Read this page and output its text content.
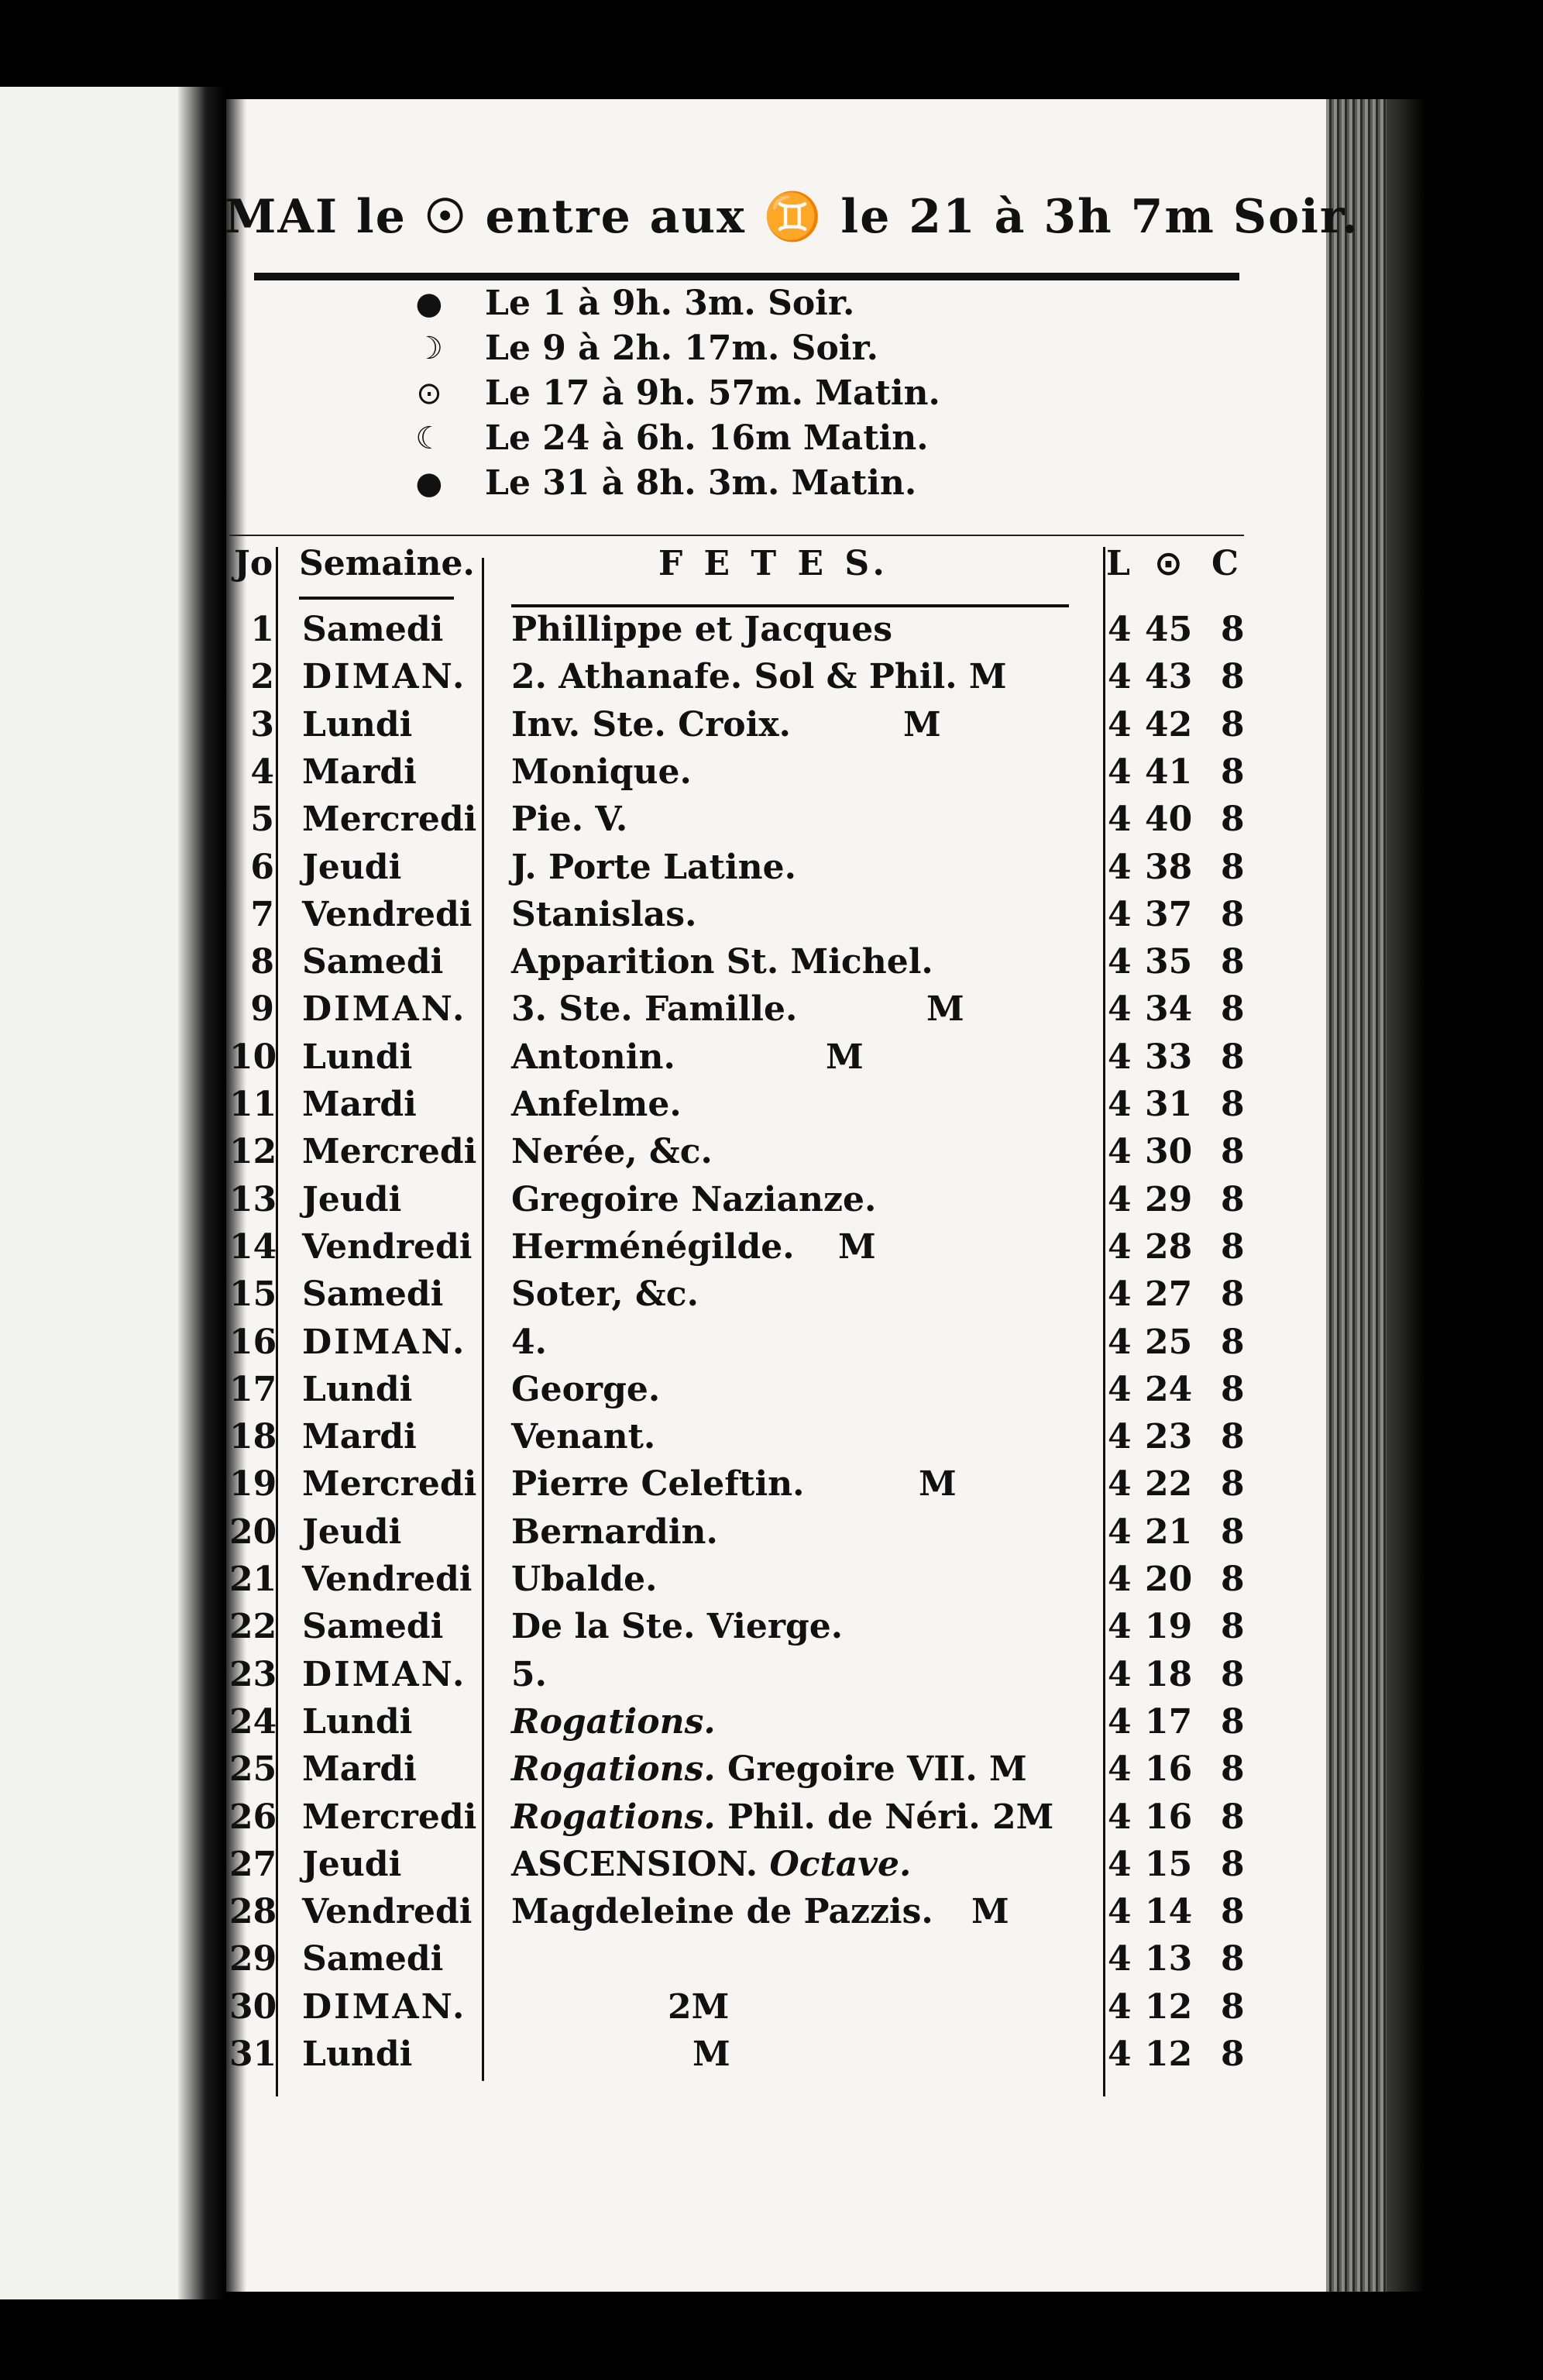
MAI le ☉ entre aux ♊ le 21 à 3h 7m Soir.
● Le 1 à 9h. 3m. Soir.
☽ Le 9 à 2h. 17m. Soir.
⊙ Le 17 à 9h. 57m. Matin.
☾ Le 24 à 6h. 16m Matin.
● Le 31 à 8h. 3m. Matin.
Jo Semaine.	F E T E S.	L ⊙ C
1 Samedi Phillippe et Jacques	4 45 8
2 DIMAN. 2. Athanafe. Sol & Phil. M	4 43 8
3 Lundi	Inv. Ste. Croix.	M	4 42 8
4 Mardi	Monique.	4 41 8
5 Mercredi Pie. V.	4 40 8
6 Jeudi	J. Porte Latine.	4 38 8
7 Vendredi Stanislas.	4 37 8
8 Samedi Apparition St. Michel.	4 35 8
9 DIMAN. 3. Ste. Famille.	M	4 34 8
10 Lundi	Antonin.	M	4 33 8
11 Mardi	Anfelme.	4 31 8
12 Mercredi Nerée, &c.	4 30 8
13 Jeudi	Gregoire Nazianze.	4 29 8
14 Vendredi Herménégilde. M	4 28 8
15 Samedi Soter, &c.	4 27 8
16 DIMAN. 4.	4 25 8
17 Lundi	George.	4 24 8
18 Mardi	Venant.	4 23 8
19 Mercredi Pierre Celeftin.	M	4 22 8
20 Jeudi	Bernardin.	4 21 8
21 Vendredi Ubalde.	4 20 8
22 Samedi De la Ste. Vierge.	4 19 8
23 DIMAN. 5.	4 18 8
24 Lundi	Rogations.	4 17 8
25 Mardi	Rogations. Gregoire VII. M 4 16 8
26 Mercredi Rogations. Phil. de Néri. 2M 4 16 8
27 Jeudi	ASCENSION. Octave.	4 15 8
28 Vendredi Magdeleine de Pazzis. M	4 14 8
29 Samedi	4 13 8
30 DIMAN.	2M	4 12 8
31 Lundi	M	4 12 8
